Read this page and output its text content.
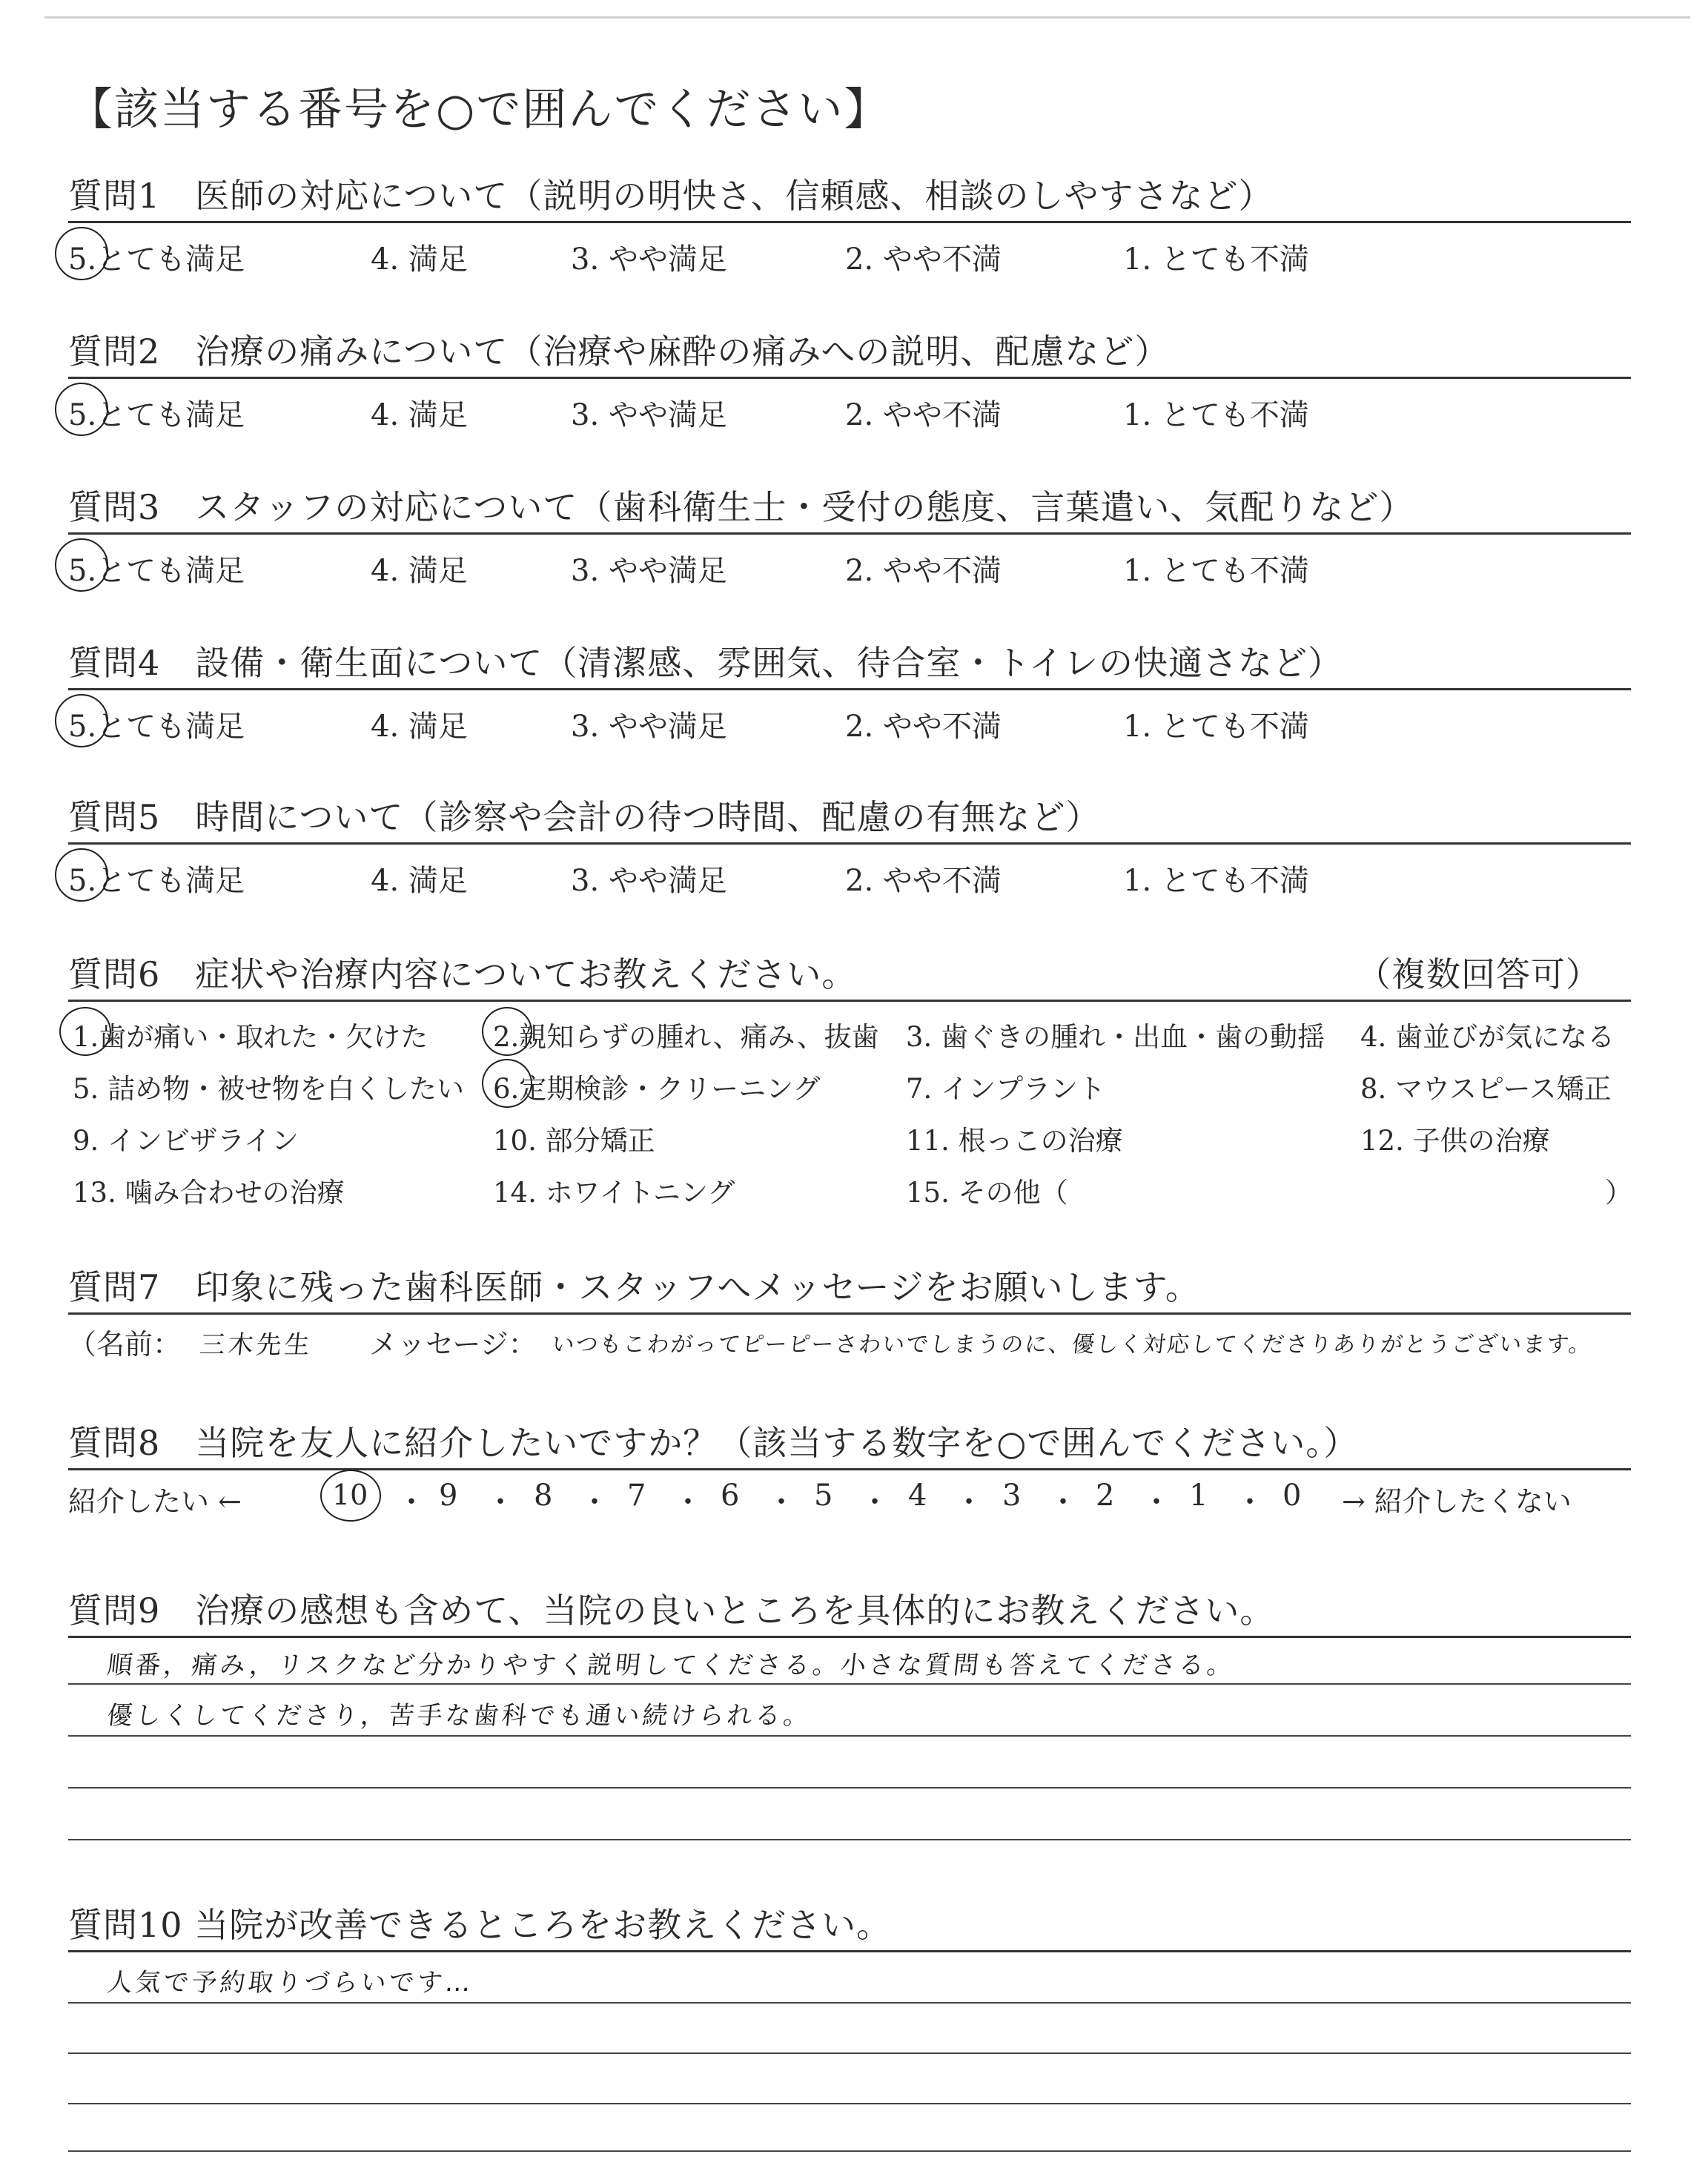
【該当する番号を○で囲んでください】
質問1　医師の対応について（説明の明快さ、信頼感、相談のしやすさなど）
5.とても満足	4. 満足	3. やや満足	2. やや不満	1. とても不満
質問2　治療の痛みについて（治療や麻酔の痛みへの説明、配慮など）
5.とても満足	4. 満足	3. やや満足	2. やや不満	1. とても不満
質問3　スタッフの対応について（歯科衛生士・受付の態度、言葉遣い、気配りなど）
5.とても満足	4. 満足	3. やや満足	2. やや不満	1. とても不満
質問4　設備・衛生面について（清潔感、雰囲気、待合室・トイレの快適さなど）
5.とても満足	4. 満足	3. やや満足	2. やや不満	1. とても不満
質問5　時間について（診察や会計の待つ時間、配慮の有無など）
5.とても満足	4. 満足	3. やや満足	2. やや不満	1. とても不満
質問6　症状や治療内容についてお教えください。	（複数回答可）
1.歯が痛い・取れた・欠けた 2.親知らずの腫れ、痛み、抜歯 3. 歯ぐきの腫れ・出血・歯の動揺 4. 歯並びが気になる
5. 詰め物・被せ物を白くしたい 6.定期検診・クリーニング	7. インプラント	8. マウスピース矯正
9. インビザライン	10. 部分矯正	11. 根っこの治療	12. 子供の治療
13. 噛み合わせの治療	14. ホワイトニング	15. その他（	）
質問7　印象に残った歯科医師・スタッフへメッセージをお願いします。
（名前： 三木先生 メッセージ： いつもこわがってピーピーさわいでしまうのに、優しく対応してくださりありがとうございます。
質問8　当院を友人に紹介したいですか？（該当する数字を○で囲んでください。）
紹介したい ←	→ 紹介したくない
10 ・ 9 ・ 8 ・ 7 ・ 6 ・ 5 ・ 4 ・ 3 ・ 2 ・ 1 ・ 0
質問9　治療の感想も含めて、当院の良いところを具体的にお教えください。
順番，痛み，リスクなど分かりやすく説明してくださる。小さな質問も答えてくださる。
優しくしてくださり，苦手な歯科でも通い続けられる。
質問10 当院が改善できるところをお教えください。
人気で予約取りづらいです…
